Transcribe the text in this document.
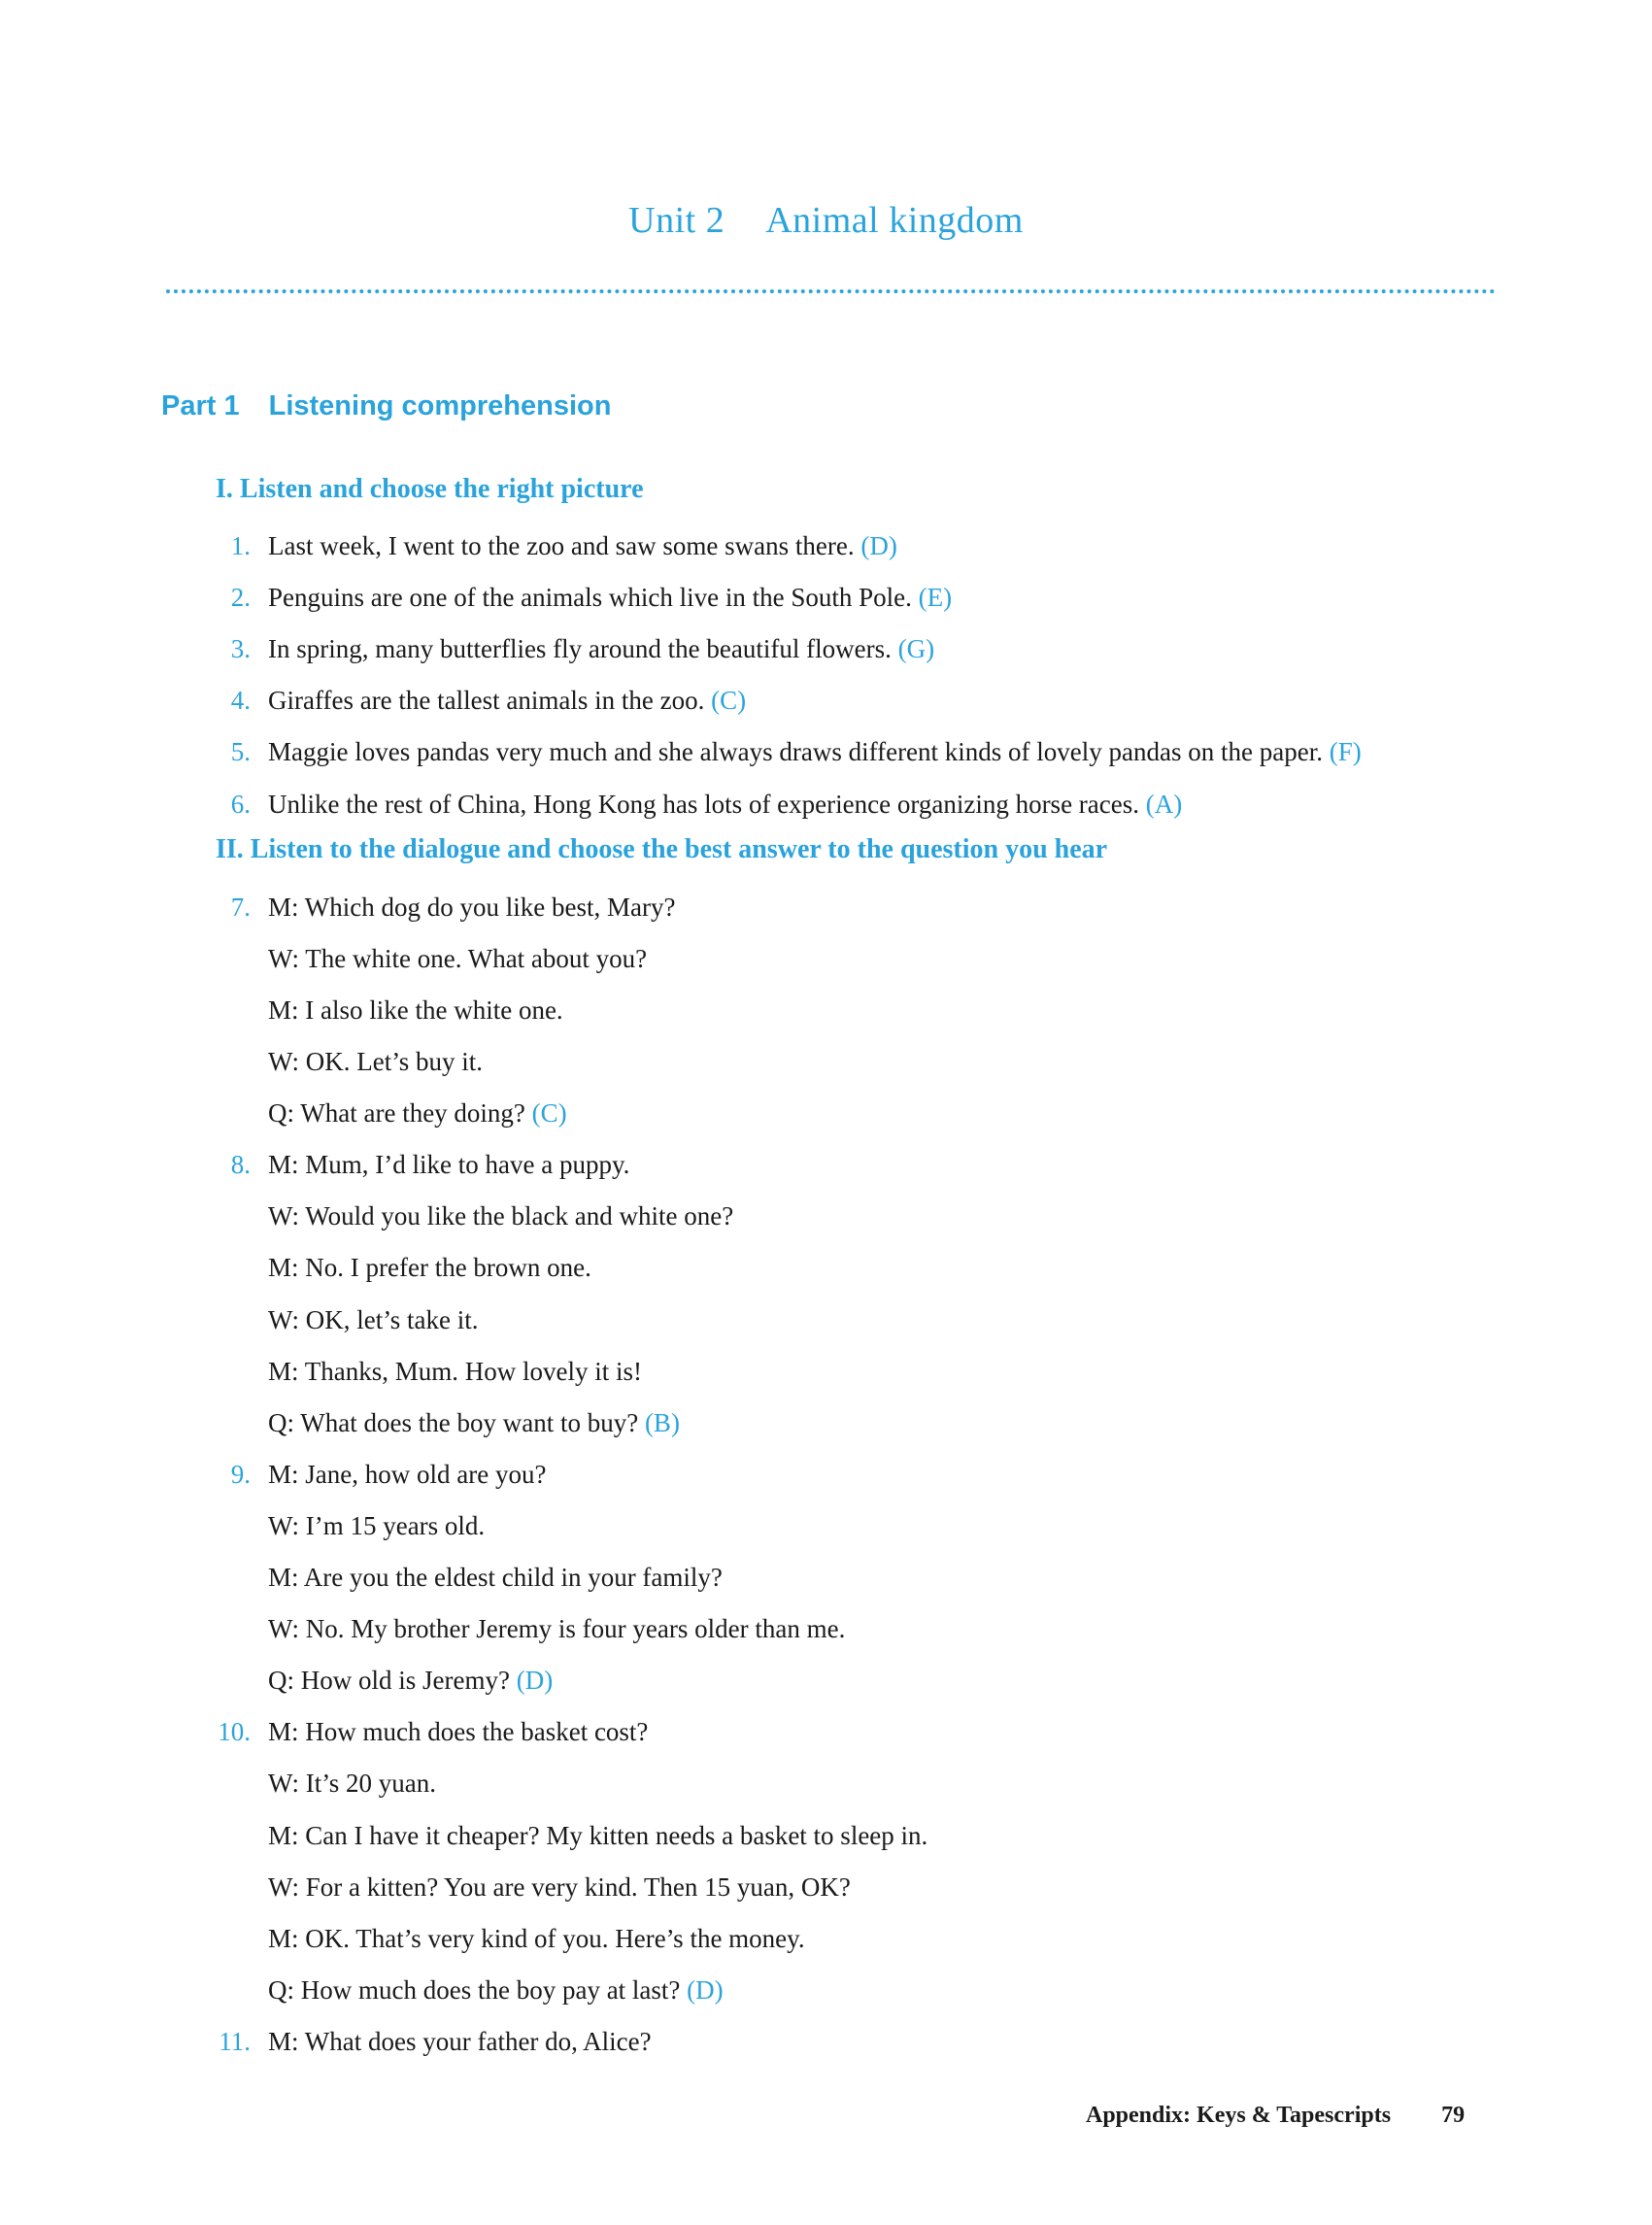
Unit 2 Animal kingdom
Part 1 Listening comprehension
I. Listen and choose the right picture
II. Listen to the dialogue and choose the best answer to the question you hear
Appendix: Keys & Tapescripts 79
1. Last week, I went to the zoo and saw some swans there. (D)
2. Penguins are one of the animals which live in the South Pole. (E)
3. In spring, many butterflies fly around the beautiful flowers. (G)
4. Giraffes are the tallest animals in the zoo. (C)
5. Maggie loves pandas very much and she always draws different kinds of lovely pandas on the paper. (F)
6. Unlike the rest of China, Hong Kong has lots of experience organizing horse races. (A)
7. M: Which dog do you like best, Mary?
W: The white one. What about you?
M: I also like the white one.
W: OK. Let’s buy it.
Q: What are they doing? (C)
8. M: Mum, I’d like to have a puppy.
W: Would you like the black and white one?
M: No. I prefer the brown one.
W: OK, let’s take it.
M: Thanks, Mum. How lovely it is!
Q: What does the boy want to buy? (B)
9. M: Jane, how old are you?
W: I’m 15 years old.
M: Are you the eldest child in your family?
W: No. My brother Jeremy is four years older than me.
Q: How old is Jeremy? (D)
10. M: How much does the basket cost?
W: It’s 20 yuan.
M: Can I have it cheaper? My kitten needs a basket to sleep in.
W: For a kitten? You are very kind. Then 15 yuan, OK?
M: OK. That’s very kind of you. Here’s the money.
Q: How much does the boy pay at last? (D)
11. M: What does your father do, Alice?
